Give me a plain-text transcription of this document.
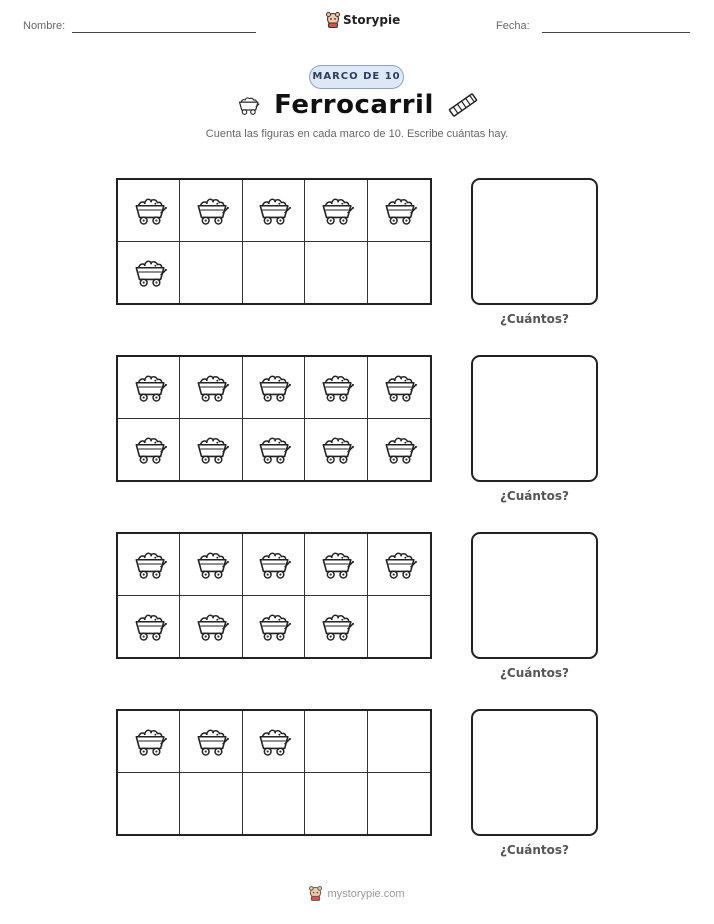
Nombre:	Storypie	Fecha:
MARCO DE 10
Ferrocarril
Cuenta las figuras en cada marco de 10. Escribe cuántas hay.
¿Cuántos?
¿Cuántos?
¿Cuántos?
¿Cuántos?
mystorypie.com
